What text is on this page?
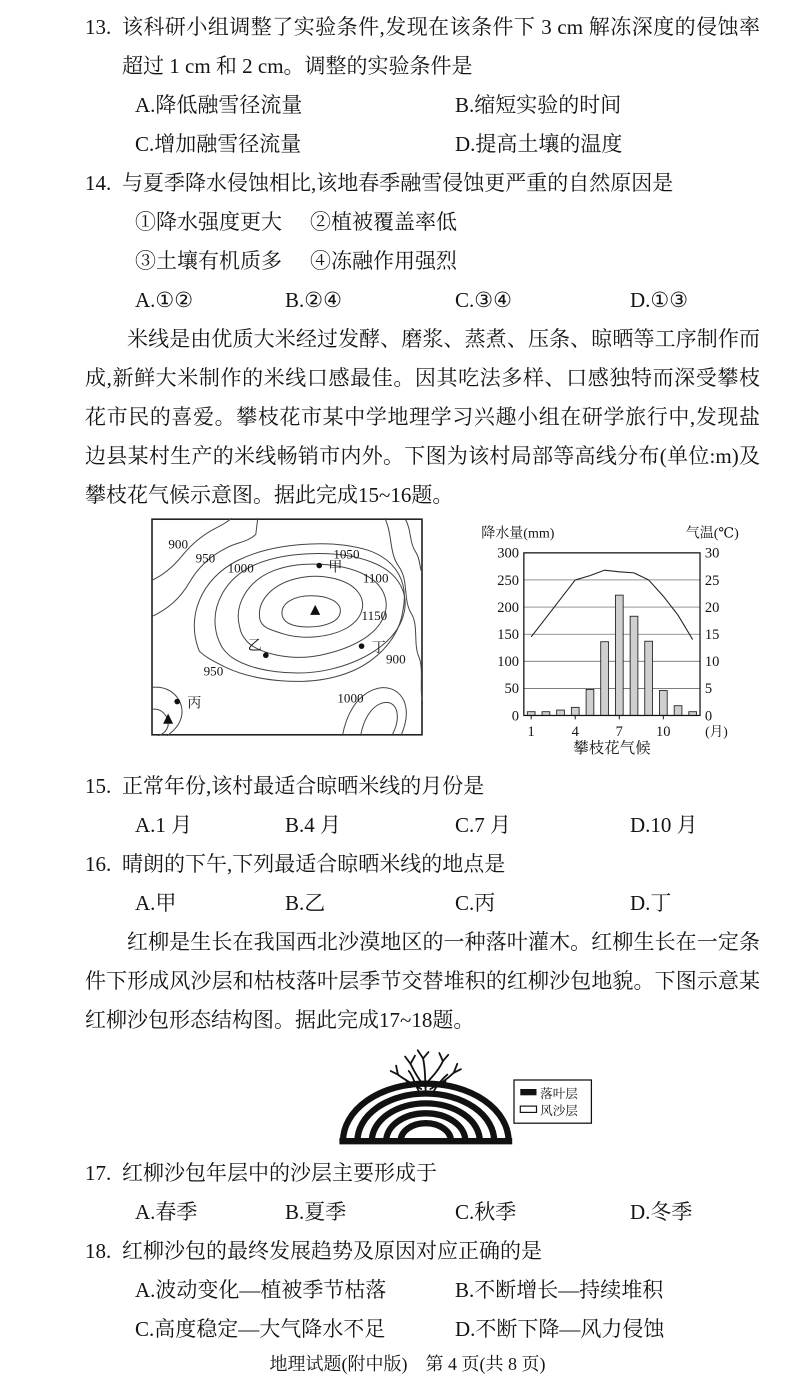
13. 该科研小组调整了实验条件,发现在该条件下 3 cm 解冻深度的侵蚀率超过 1 cm 和 2 cm。调整的实验条件是
A.降低融雪径流量	B.缩短实验的时间
C.增加融雪径流量	D.提高土壤的温度
14. 与夏季降水侵蚀相比,该地春季融雪侵蚀更严重的自然原因是
①降水强度更大	②植被覆盖率低
③土壤有机质多	④冻融作用强烈
A.①②	B.②④	C.③④	D.①③

米线是由优质大米经过发酵、磨浆、蒸煮、压条、晾晒等工序制作而成,新鲜大米制作的米线口感最佳。因其吃法多样、口感独特而深受攀枝花市民的喜爱。攀枝花市某中学地理学习兴趣小组在研学旅行中,发现盐边县某村生产的米线畅销市内外。下图为该村局部等高线分布(单位:m)及攀枝花气候示意图。据此完成15~16题。

900
950
1000
1050
1100
1150
950
900
1000
甲
乙
丙
丁
0	0
50	5
100	10
150	15
200	20
250	25
300	30
1 4 7 10 (月)
降水量(mm)	气温(℃)
攀枝花气候
15. 正常年份,该村最适合晾晒米线的月份是
A.1 月	B.4 月	C.7 月	D.10 月
16. 晴朗的下午,下列最适合晾晒米线的地点是
A.甲	B.乙	C.丙	D.丁

红柳是生长在我国西北沙漠地区的一种落叶灌木。红柳生长在一定条件下形成风沙层和枯枝落叶层季节交替堆积的红柳沙包地貌。下图示意某红柳沙包形态结构图。据此完成17~18题。

落叶层
风沙层
17. 红柳沙包年层中的沙层主要形成于
A.春季	B.夏季	C.秋季	D.冬季
18. 红柳沙包的最终发展趋势及原因对应正确的是
A.波动变化—植被季节枯落	B.不断增长—持续堆积
C.高度稳定—大气降水不足	D.不断下降—风力侵蚀
地理试题(附中版)　第 4 页(共 8 页)
